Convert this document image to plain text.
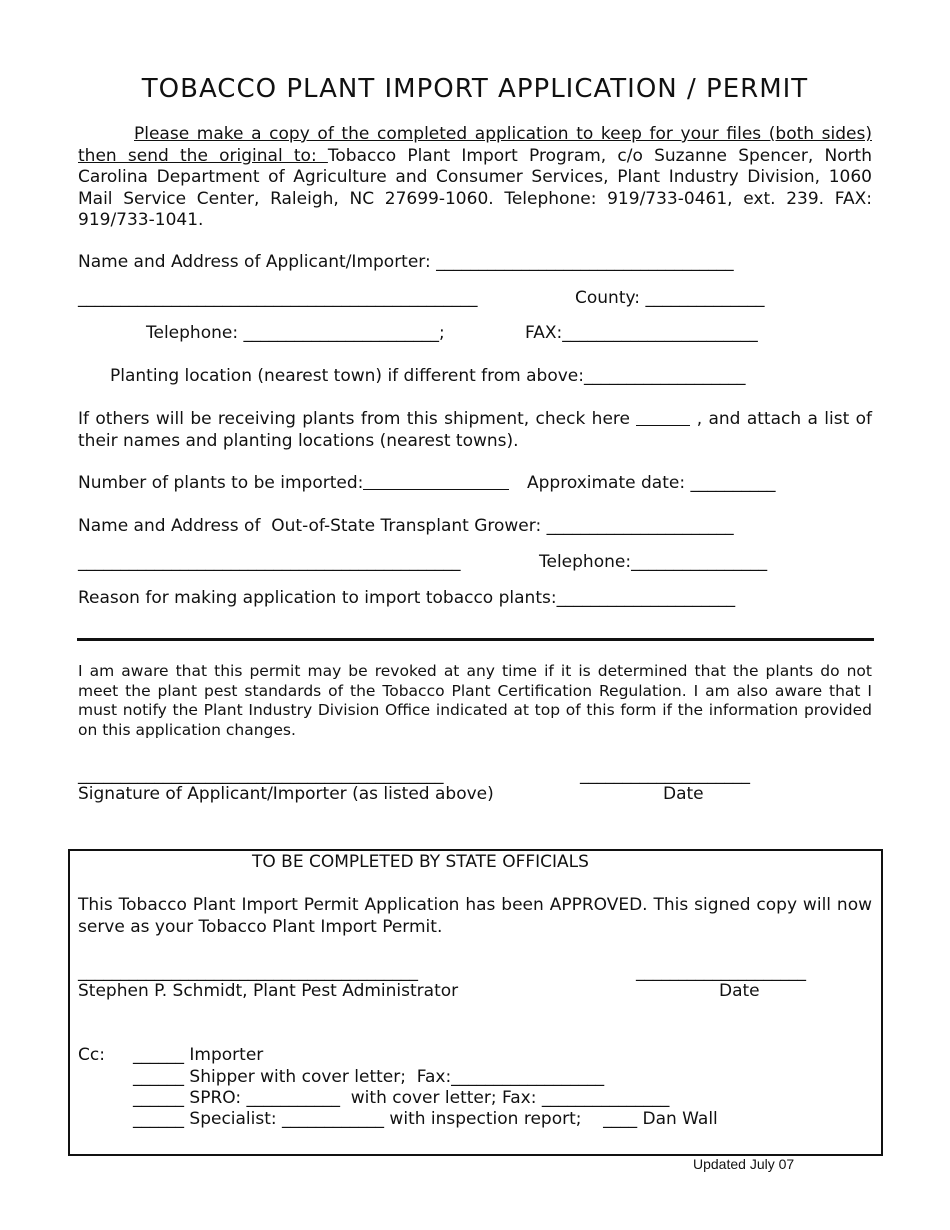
TOBACCO PLANT IMPORT APPLICATION / PERMIT
Please make a copy of the completed application to keep for your files (both sides) then send the original to: Tobacco Plant Import Program, c/o Suzanne Spencer, North Carolina Department of Agriculture and Consumer Services, Plant Industry Division, 1060 Mail Service Center, Raleigh, NC 27699-1060. Telephone: 919/733-0461, ext. 239. FAX: 919/733-1041.
Name and Address of Applicant/Importer: ___________________________________
_______________________________________________	County: ______________
Telephone: _______________________;	FAX:_______________________
Planting location (nearest town) if different from above:___________________
If others will be receiving plants from this shipment, check here	, and attach a list of their names and planting locations (nearest towns).
Number of plants to be imported:	Approximate date: __________
Name and Address of  Out-of-State Transplant Grower: ______________________
_____________________________________________	Telephone:________________
Reason for making application to import tobacco plants:_____________________
I am aware that this permit may be revoked at any time if it is determined that the plants do not meet the plant pest standards of the Tobacco Plant Certification Regulation. I am also aware that I must notify the Plant Industry Division Office indicated at top of this form if the information provided on this application changes.
___________________________________________	____________________
Signature of Applicant/Importer (as listed above)	Date
TO BE COMPLETED BY STATE OFFICIALS
This Tobacco Plant Import Permit Application has been APPROVED. This signed copy will now serve as your Tobacco Plant Import Permit.
________________________________________	____________________
Stephen P. Schmidt, Plant Pest Administrator	Date
Cc: ______ Importer
______ Shipper with cover letter;  Fax:__________________
______ SPRO: ___________  with cover letter; Fax: _______________
______ Specialist: ____________ with inspection report;    ____ Dan Wall
Updated July 07
